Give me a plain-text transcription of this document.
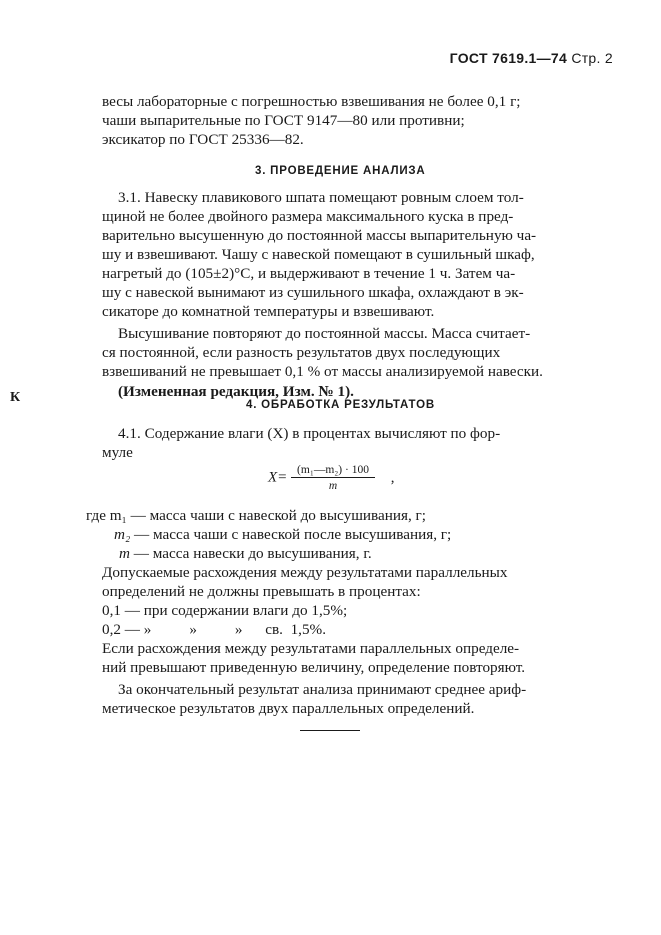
ГОСТ 7619.1—74 Стр. 2
весы лабораторные с погрешностью взвешивания не более 0,1 г;
чаши выпарительные по ГОСТ 9147—80 или противни;
эксикатор по ГОСТ 25336—82.
3. ПРОВЕДЕНИЕ АНАЛИЗА
3.1. Навеску плавикового шпата помещают ровным слоем тол-
щиной не более двойного размера максимального куска в пред-
варительно высушенную до постоянной массы выпарительную ча-
шу и взвешивают. Чашу с навеской помещают в сушильный шкаф,
нагретый до (105±2)°C, и выдерживают в течение 1 ч. Затем ча-
шу с навеской вынимают из сушильного шкафа, охлаждают в эк-
сикаторе до комнатной температуры и взвешивают.
Высушивание повторяют до постоянной массы. Масса считает-
ся постоянной, если разность результатов двух последующих
взвешиваний не превышает 0,1 % от массы анализируемой навески.
(Измененная редакция, Изм. № 1).
К	4. ОБРАБОТКА РЕЗУЛЬТАТОВ
4.1. Содержание влаги (X) в процентах вычисляют по фор-
муле
$X= \frac{\text{(m₁—m₂) · 100}}{m}$ ,
где m₁ — масса чаши с навеской до высушивания, г;
m₂ — масса чаши с навеской после высушивания, г;
m — масса навески до высушивания, г.
Допускаемые расхождения между результатами параллельных
определений не должны превышать в процентах:
0,1 — при содержании влаги до 1,5%;
0,2 — »          »          »      св.  1,5%.
Если расхождения между результатами параллельных определе-
ний превышают приведенную величину, определение повторяют.
За окончательный результат анализа принимают среднее ариф-
метическое результатов двух параллельных определений.
